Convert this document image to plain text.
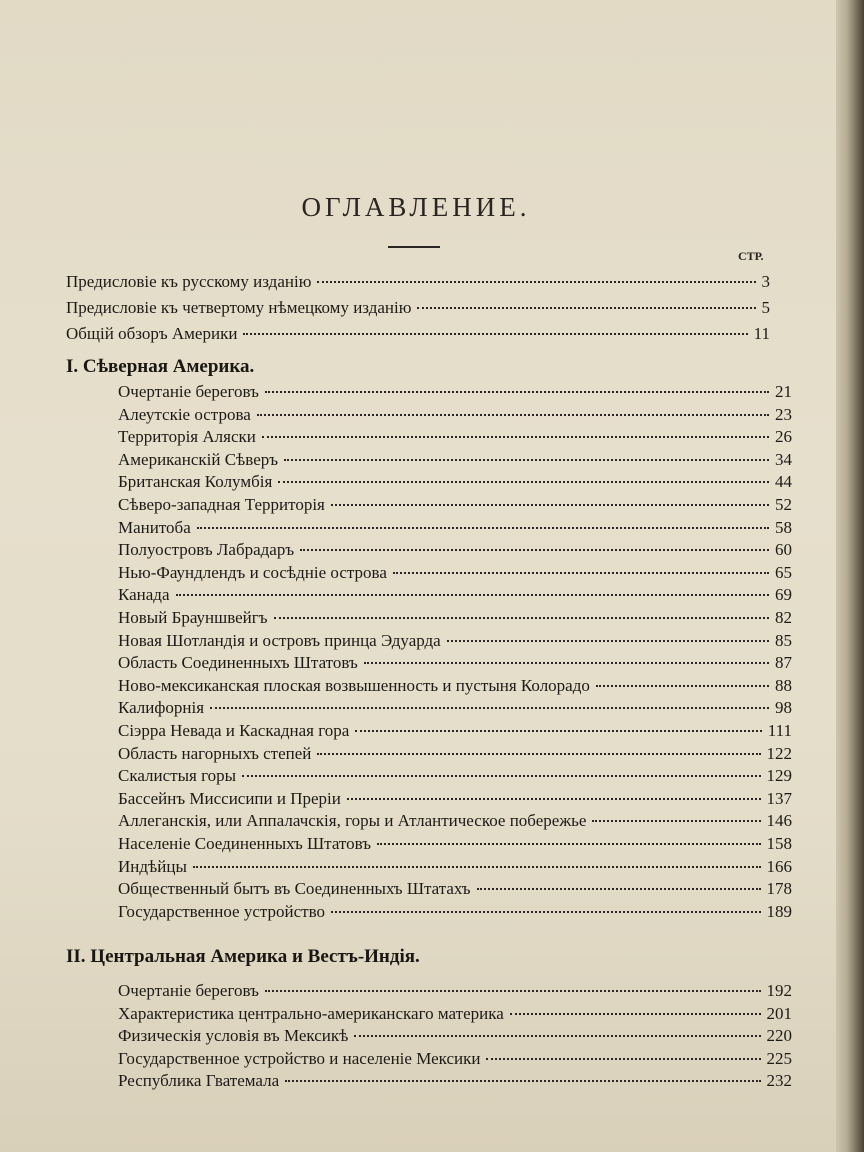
ОГЛАВЛЕНИЕ.
СТР.
Предисловіе къ русскому изданію	3
Предисловіе къ четвертому нѣмецкому изданію	5
Общій обзоръ Америки	11
I. Сѣверная Америка.
Очертаніе береговъ	21
Алеутскіе острова	23
Территорія Аляски	26
Американскій Сѣверъ	34
Британская Колумбія	44
Сѣверо-западная Территорія	52
Манитоба	58
Полуостровъ Лабрадаръ	60
Нью-Фаундлендъ и сосѣдніе острова	65
Канада	69
Новый Брауншвейгъ	82
Новая Шотландія и островъ принца Эдуарда	85
Область Соединенныхъ Штатовъ	87
Ново-мексиканская плоская возвышенность и пустыня Колорадо	88
Калифорнія	98
Сіэрра Невада и Каскадная гора	111
Область нагорныхъ степей	122
Скалистыя горы	129
Бассейнъ Миссисипи и Преріи	137
Аллеганскія, или Аппалачскія, горы и Атлантическое побережье	146
Населеніе Соединенныхъ Штатовъ	158
Индѣйцы	166
Общественный бытъ въ Соединенныхъ Штатахъ	178
Государственное устройство	189
II. Центральная Америка и Вестъ-Индія.
Очертаніе береговъ	192
Характеристика центрально-американскаго материка	201
Физическія условія въ Мексикѣ	220
Государственное устройство и населеніе Мексики	225
Республика Гватемала	232
